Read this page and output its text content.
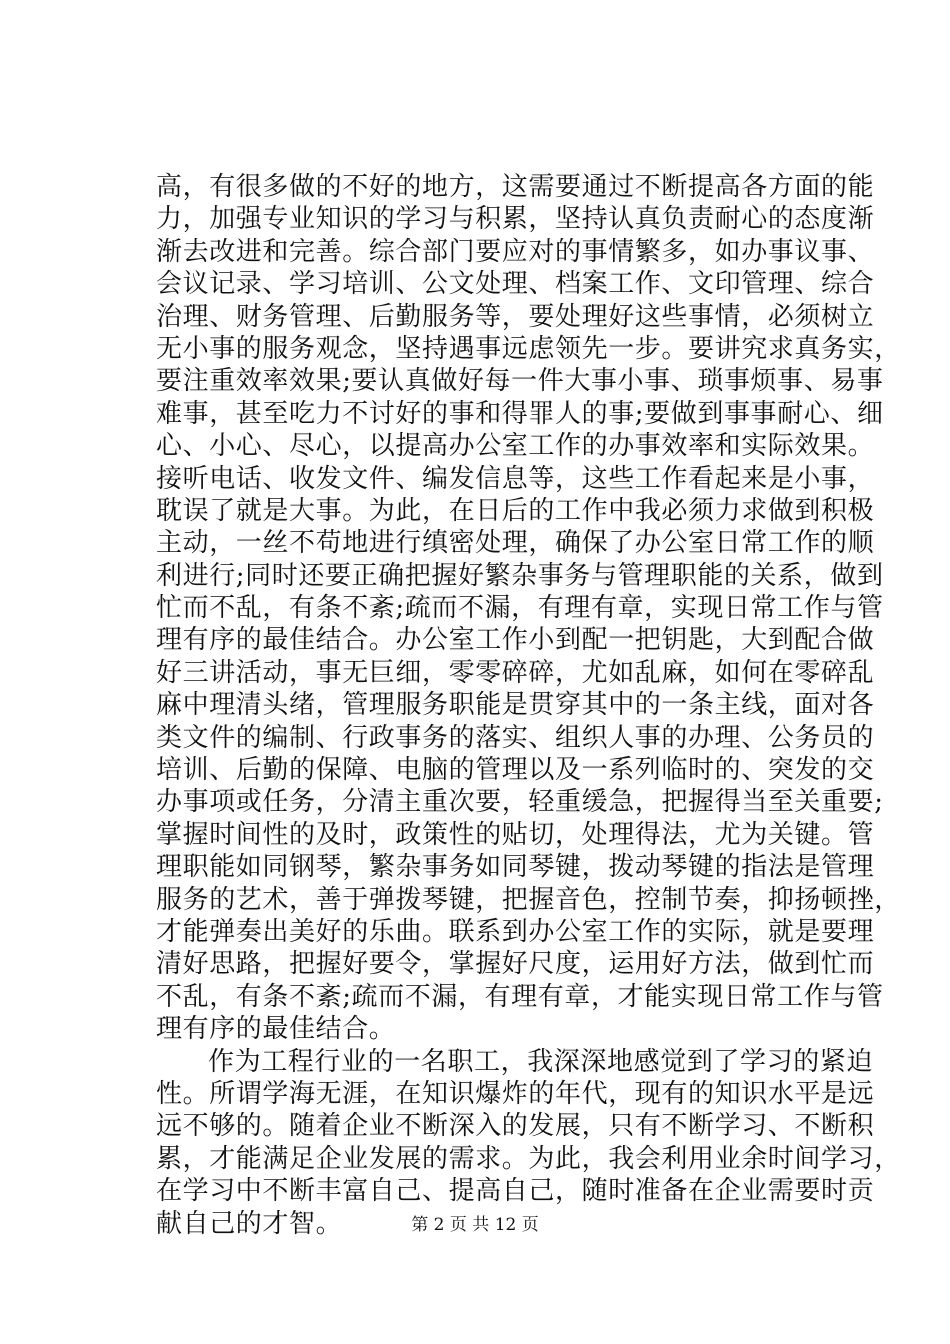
高，有很多做的不好的地方，这需要通过不断提高各方面的能
力，加强专业知识的学习与积累，坚持认真负责耐心的态度渐
渐去改进和完善。综合部门要应对的事情繁多，如办事议事、
会议记录、学习培训、公文处理、档案工作、文印管理、综合
治理、财务管理、后勤服务等，要处理好这些事情，必须树立
无小事的服务观念，坚持遇事远虑领先一步。要讲究求真务实，
要注重效率效果;要认真做好每一件大事小事、琐事烦事、易事
难事，甚至吃力不讨好的事和得罪人的事;要做到事事耐心、细
心、小心、尽心，以提高办公室工作的办事效率和实际效果。
接听电话、收发文件、编发信息等，这些工作看起来是小事，
耽误了就是大事。为此，在日后的工作中我必须力求做到积极
主动，一丝不苟地进行缜密处理，确保了办公室日常工作的顺
利进行;同时还要正确把握好繁杂事务与管理职能的关系，做到
忙而不乱，有条不紊;疏而不漏，有理有章，实现日常工作与管
理有序的最佳结合。办公室工作小到配一把钥匙，大到配合做
好三讲活动，事无巨细，零零碎碎，尤如乱麻，如何在零碎乱
麻中理清头绪，管理服务职能是贯穿其中的一条主线，面对各
类文件的编制、行政事务的落实、组织人事的办理、公务员的
培训、后勤的保障、电脑的管理以及一系列临时的、突发的交
办事项或任务，分清主重次要，轻重缓急，把握得当至关重要;
掌握时间性的及时，政策性的贴切，处理得法，尤为关键。管
理职能如同钢琴，繁杂事务如同琴键，拨动琴键的指法是管理
服务的艺术，善于弹拨琴键，把握音色，控制节奏，抑扬顿挫，
才能弹奏出美好的乐曲。联系到办公室工作的实际，就是要理
清好思路，把握好要令，掌握好尺度，运用好方法，做到忙而
不乱，有条不紊;疏而不漏，有理有章，才能实现日常工作与管
理有序的最佳结合。
作为工程行业的一名职工，我深深地感觉到了学习的紧迫
性。所谓学海无涯，在知识爆炸的年代，现有的知识水平是远
远不够的。随着企业不断深入的发展，只有不断学习、不断积
累，才能满足企业发展的需求。为此，我会利用业余时间学习，
在学习中不断丰富自己、提高自己，随时准备在企业需要时贡
献自己的才智。	第 2 页 共 12 页
